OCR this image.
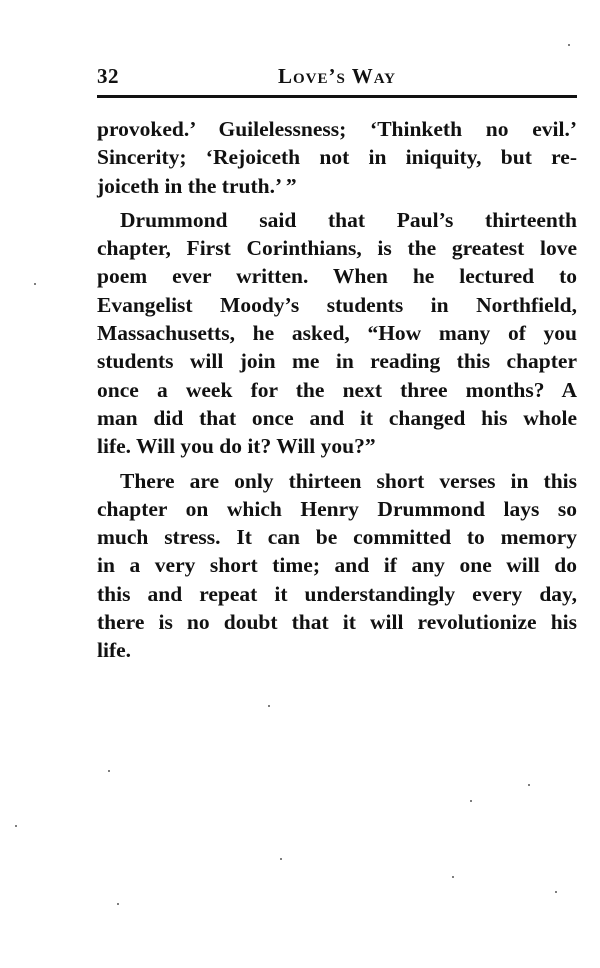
32	Love’s Way

provoked.’ Guilelessness; ‘Thinketh no evil.’
Sincerity; ‘Rejoiceth not in iniquity, but re-
joiceth in the truth.’ ”

Drummond said that Paul’s thirteenth
chapter, First Corinthians, is the greatest love
poem ever written. When he lectured to
Evangelist Moody’s students in Northfield,
Massachusetts, he asked, “How many of you
students will join me in reading this chapter
once a week for the next three months? A
man did that once and it changed his whole
life. Will you do it? Will you?”

There are only thirteen short verses in this
chapter on which Henry Drummond lays so
much stress. It can be committed to memory
in a very short time; and if any one will do
this and repeat it understandingly every day,
there is no doubt that it will revolutionize his
life.
